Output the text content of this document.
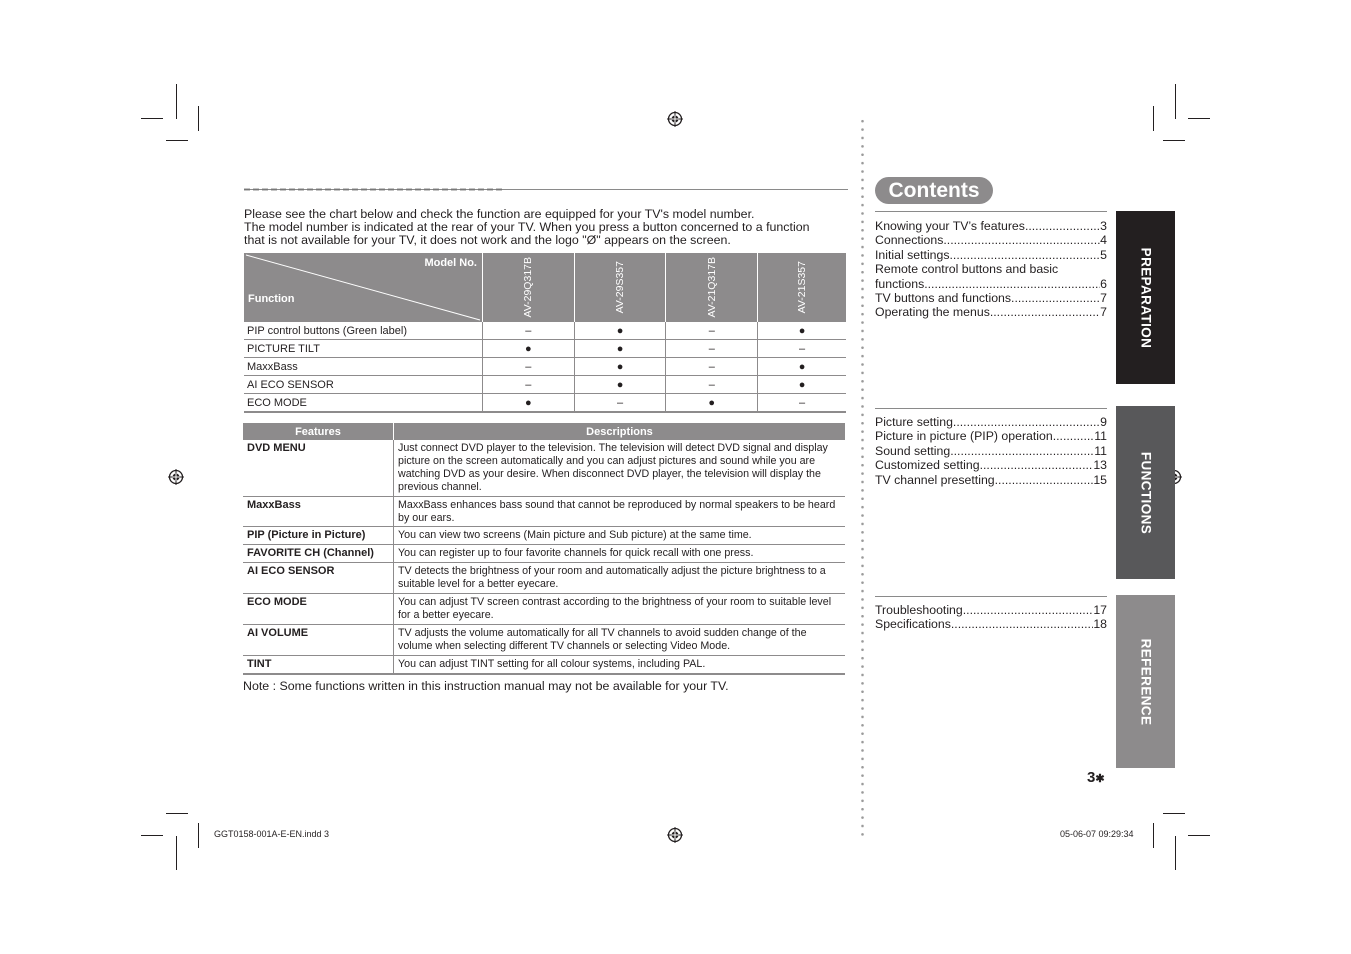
Please see the chart below and check the function are equipped for your TV's model number.
The model number is indicated at the rear of your TV. When you press a button concerned to a function
that is not available for your TV, it does not work and the logo "Ø" appears on the screen.
Model No.
Function	AV-29Q317B	AV-29S357	AV-21Q317B	AV-21S357

PIP control buttons (Green label)	–	●	–	●
PICTURE TILT	●	●	–	–
MaxxBass	–	●	–	●
AI ECO SENSOR	–	●	–	●
ECO MODE	●	–	●	–
Features	Descriptions
DVD MENU	Just connect DVD player to the television. The television will detect DVD signal and display picture on the screen automatically and you can adjust pictures and sound while you are watching DVD as your desire. When disconnect DVD player, the television will display the previous channel.
MaxxBass	MaxxBass enhances bass sound that cannot be reproduced by normal speakers to be heard by our ears.
PIP (Picture in Picture)	You can view two screens (Main picture and Sub picture) at the same time.
FAVORITE CH (Channel)	You can register up to four favorite channels for quick recall with one press.
AI ECO SENSOR	TV detects the brightness of your room and automatically adjust the picture brightness to a suitable level for a better eyecare.
ECO MODE	You can adjust TV screen contrast according to the brightness of your room to suitable level for a better eyecare.
AI VOLUME	TV adjusts the volume automatically for all TV channels to avoid sudden change of the volume when selecting different TV channels or selecting Video Mode.
TINT	You can adjust TINT setting for all colour systems, including PAL.
Note : Some functions written in this instruction manual may not be available for your TV.
Contents
Knowing your TV’s features .....	3
Connections .....	4
Initial settings .....	5
Remote control buttons and basic
functions .....	6
TV buttons and functions .....	7
Operating the menus .....	7
Picture setting .....	9
Picture in picture (PIP) operation .....	11
Sound setting .....	11
Customized setting .....	13
TV channel presetting .....	15
Troubleshooting .....	17
Specifications .....	18
PREPARATION
FUNCTIONS
REFERENCE
3✱
GGT0158-001A-E-EN.indd 3	05-06-07 09:29:34
